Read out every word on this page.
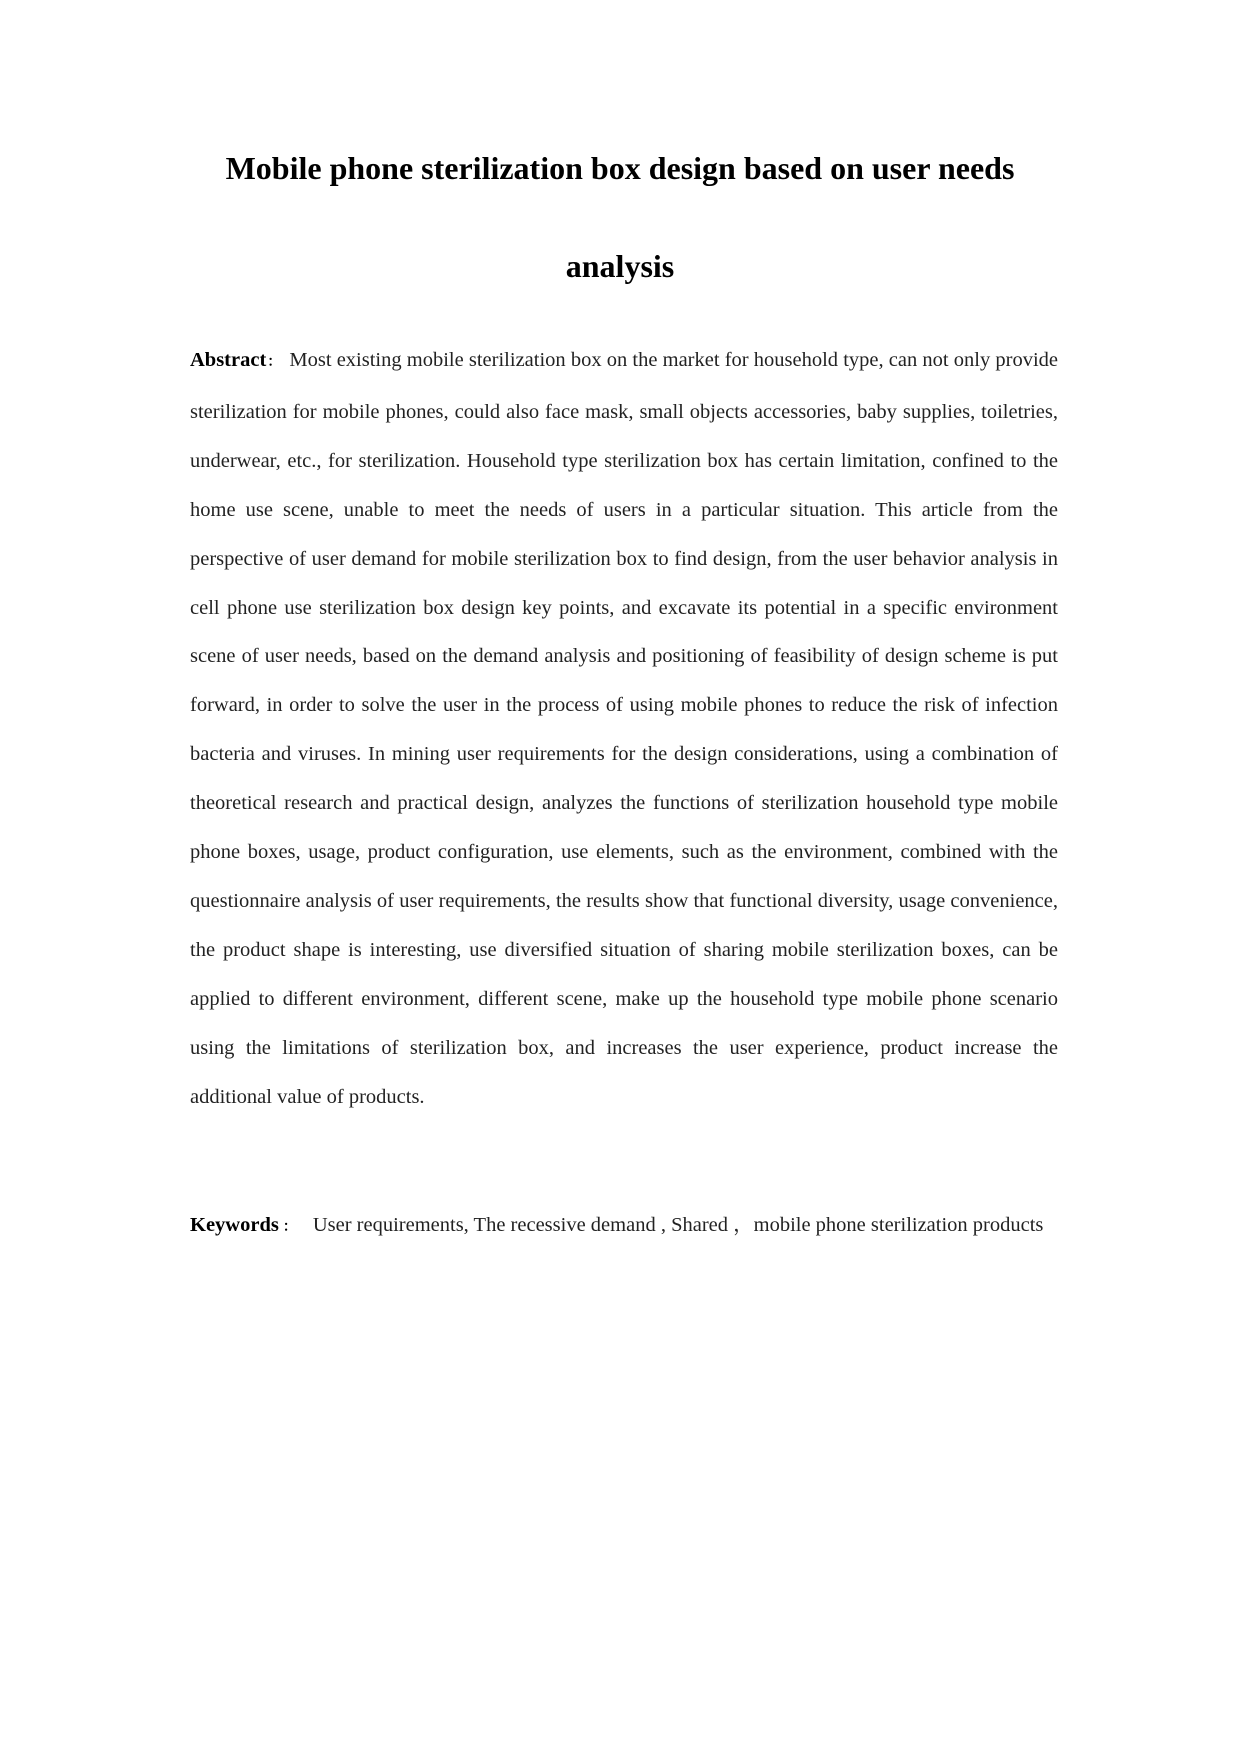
Mobile phone sterilization box design based on user needs
analysis
Abstract： Most existing mobile sterilization box on the market for household type, can not only provide sterilization for mobile phones, could also face mask, small objects accessories, baby supplies, toiletries, underwear, etc., for sterilization. Household type sterilization box has certain limitation, confined to the home use scene, unable to meet the needs of users in a particular situation. This article from the perspective of user demand for mobile sterilization box to find design, from the user behavior analysis in cell phone use sterilization box design key points, and excavate its potential in a specific environment scene of user needs, based on the demand analysis and positioning of feasibility of design scheme is put forward, in order to solve the user in the process of using mobile phones to reduce the risk of infection bacteria and viruses. In mining user requirements for the design considerations, using a combination of theoretical research and practical design, analyzes the functions of sterilization household type mobile phone boxes, usage, product configuration, use elements, such as the environment, combined with the questionnaire analysis of user requirements, the results show that functional diversity, usage convenience, the product shape is interesting, use diversified situation of sharing mobile sterilization boxes, can be applied to different environment, different scene, make up the household type mobile phone scenario using the limitations of sterilization box, and increases the user experience, product increase the additional value of products.
Keywords ： User requirements, The recessive demand , Shared ，mobile phone sterilization products
